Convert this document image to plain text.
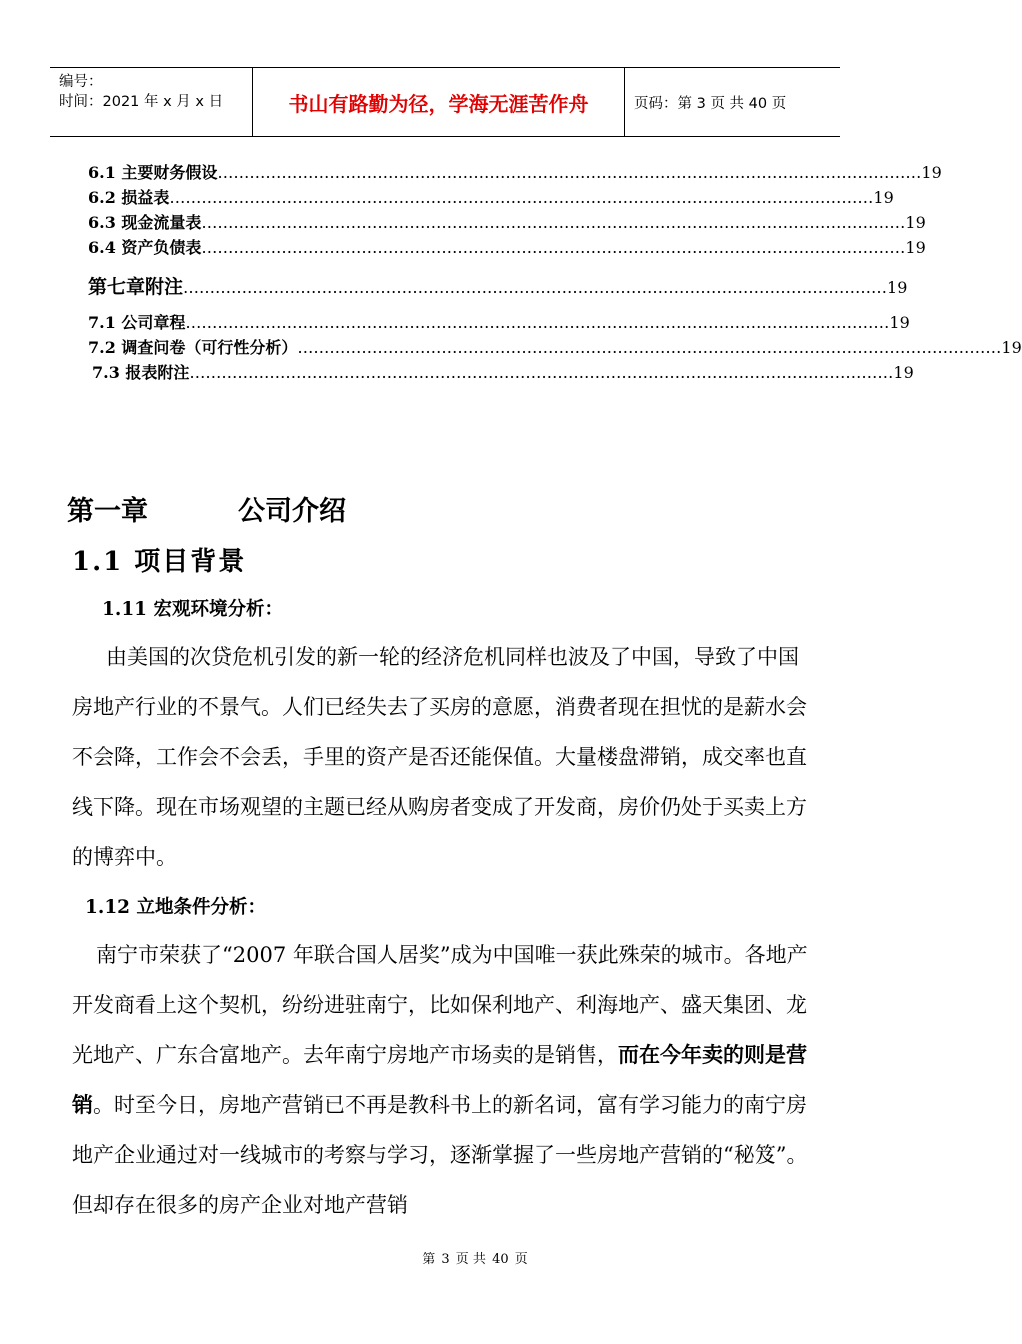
编号：
时间：2021 年 x 月 x 日	书山有路勤为径，学海无涯苦作舟	页码：第 3 页 共 40 页
6.1 主要财务假设 …………………………………………………………………………………………………………………… 19
6.2 损益表 …………………………………………………………………………………………………………………… 19
6.3 现金流量表 …………………………………………………………………………………………………………………… 19
6.4 资产负债表 …………………………………………………………………………………………………………………… 19
第七章 附注 …………………………………………………………………………………………………………………… 19
7.1 公司章程 …………………………………………………………………………………………………………………… 19
7.2 调查问卷（可行性分析） …………………………………………………………………………………………………………………… 19
7.3 报表附注 …………………………………………………………………………………………………………………… 19
第一章	公司介绍
1.1 项目背景
1.11 宏观环境分析：

由美国的次贷危机引发的新一轮的经济危机同样也波及了中国，导致了中国房地产行业的不景气。人们已经失去了买房的意愿，消费者现在担忧的是薪水会不会降，工作会不会丢，手里的资产是否还能保值。大量楼盘滞销，成交率也直线下降。现在市场观望的主题已经从购房者变成了开发商，房价仍处于买卖上方的博弈中。

1.12 立地条件分析：

南宁市荣获了“2007 年联合国人居奖”成为中国唯一获此殊荣的城市。各地产开发商看上这个契机，纷纷进驻南宁，比如保利地产、利海地产、盛天集团、龙光地产、广东合富地产。去年南宁房地产市场卖的是销售，而在今年卖的则是营销。时至今日，房地产营销已不再是教科书上的新名词，富有学习能力的南宁房地产企业通过对一线城市的考察与学习，逐渐掌握了一些房地产营销的“秘笈”。但却存在很多的房产企业对地产营销

第 3 页 共 40 页
